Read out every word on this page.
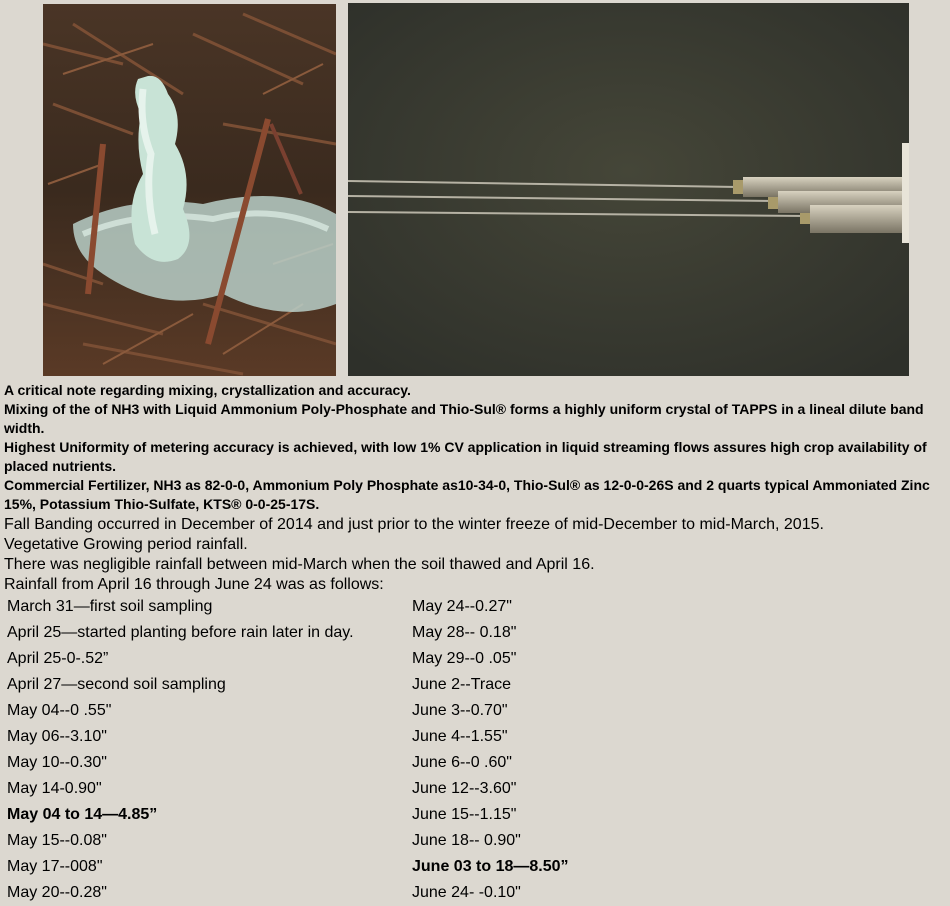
A critical note regarding mixing, crystallization and accuracy.

Mixing of the of NH3 with Liquid Ammonium Poly-Phosphate and Thio-Sul® forms a highly uniform crystal of TAPPS in a lineal dilute band width.

Highest Uniformity of metering accuracy is achieved, with low 1% CV application in liquid streaming flows assures high crop availability of placed nutrients.

Commercial Fertilizer, NH3 as 82-0-0, Ammonium Poly Phosphate as10-34-0, Thio-Sul® as 12-0-0-26S and 2 quarts typical Ammoniated Zinc 15%, Potassium Thio-Sulfate, KTS® 0-0-25-17S.

Fall Banding occurred in December of 2014 and just prior to the winter freeze of mid-December to mid-March, 2015.

Vegetative Growing period rainfall.

There was negligible rainfall between mid-March when the soil thawed and April 16.

Rainfall from April 16 through June 24 was as follows:

March 31—first soil sampling	May 24--0.27"
April 25—started planting before rain later in day.	May 28-- 0.18"
April 25-0-.52”	May 29--0 .05"
April 27—second soil sampling	June 2--Trace
May 04--0 .55"	June 3--0.70"
May 06--3.10"	June 4--1.55"
May 10--0.30"	June 6--0 .60"
May 14-0.90"	June 12--3.60"
May 04 to 14—4.85”	June 15--1.15"
May 15--0.08"	June 18-- 0.90"
May 17--008"	June 03 to 18—8.50”
May 20--0.28"	June 24- -0.10"
